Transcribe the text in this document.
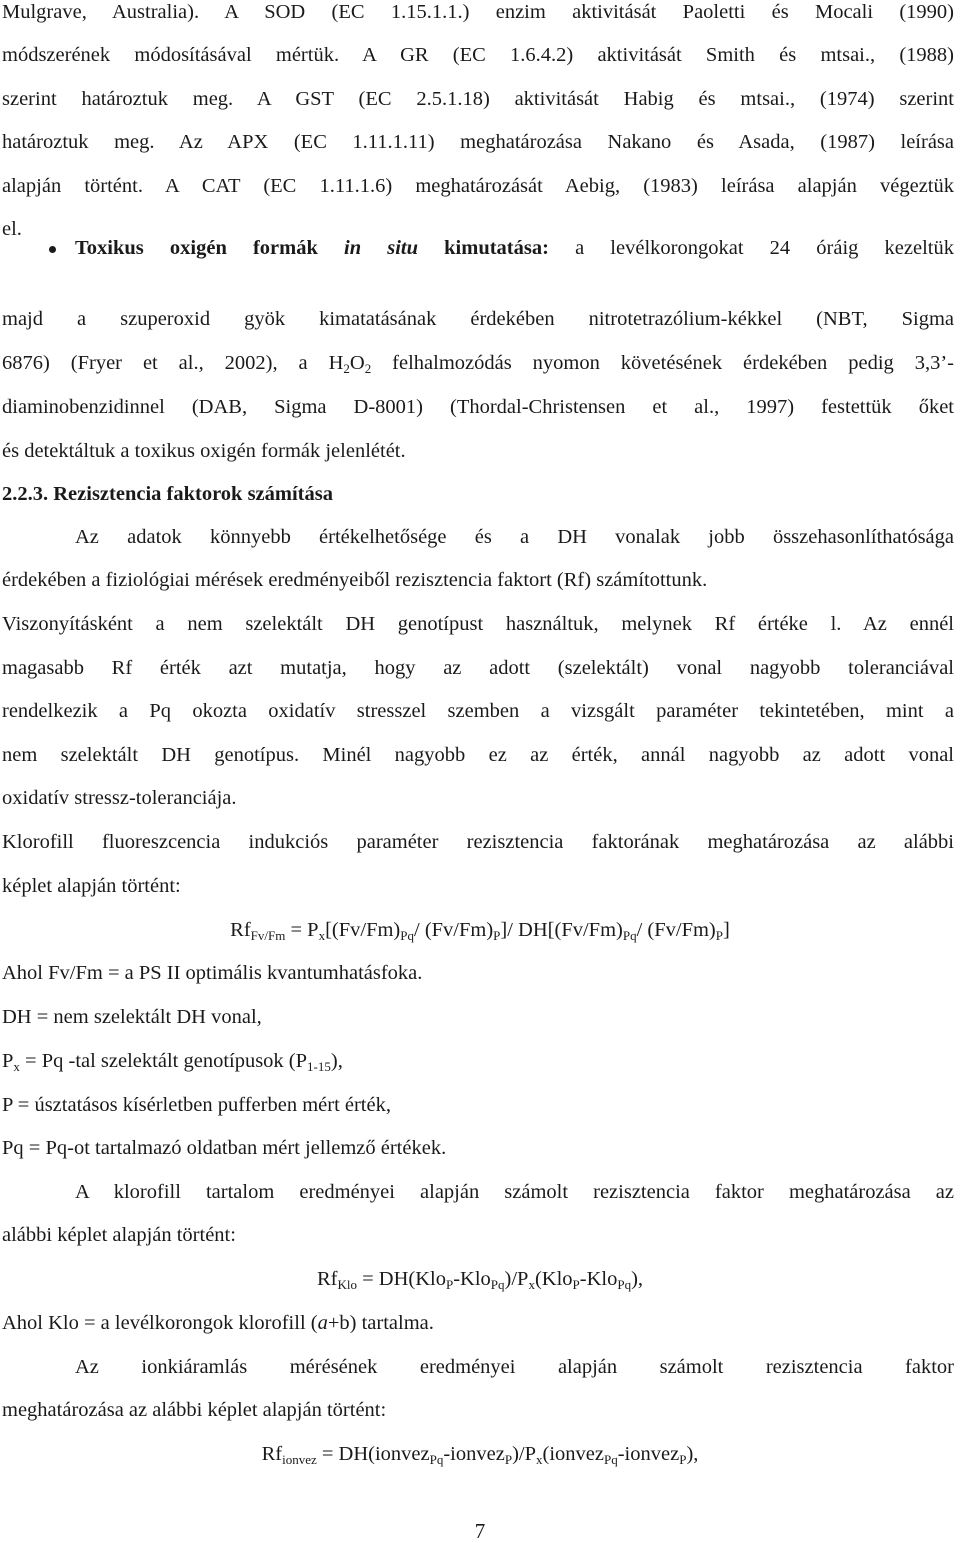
Mulgrave, Australia). A SOD (EC 1.15.1.1.) enzim aktivitását Paoletti és Mocali (1990)
módszerének módosításával mértük. A GR (EC 1.6.4.2) aktivitását Smith és mtsai., (1988)
szerint határoztuk meg. A GST (EC 2.5.1.18) aktivitását Habig és mtsai., (1974) szerint
határoztuk meg. Az APX (EC 1.11.1.11) meghatározása Nakano és Asada, (1987) leírása
alapján történt. A CAT (EC 1.11.1.6) meghatározását Aebig, (1983) leírása alapján végeztük
el.
Toxikus oxigén formák in situ kimutatása: a levélkorongokat 24 óráig kezeltük
majd a szuperoxid gyök kimatatásának érdekében nitrotetrazólium-kékkel (NBT, Sigma
6876) (Fryer et al., 2002), a $H_2O_2$ felhalmozódás nyomon követésének érdekében pedig 3,3’-
diaminobenzidinnel (DAB, Sigma D-8001) (Thordal-Christensen et al., 1997) festettük őket
és detektáltuk a toxikus oxigén formák jelenlétét.
2.2.3. Rezisztencia faktorok számítása
Az adatok könnyebb értékelhetősége és a DH vonalak jobb összehasonlíthatósága
érdekében a fiziológiai mérések eredményeiből rezisztencia faktort (Rf) számítottunk.
Viszonyításként a nem szelektált DH genotípust használtuk, melynek Rf értéke l. Az ennél
magasabb Rf érték azt mutatja, hogy az adott (szelektált) vonal nagyobb toleranciával
rendelkezik a Pq okozta oxidatív stresszel szemben a vizsgált paraméter tekintetében, mint a
nem szelektált DH genotípus. Minél nagyobb ez az érték, annál nagyobb az adott vonal
oxidatív stressz-toleranciája.
Klorofill fluoreszcencia indukciós paraméter rezisztencia faktorának meghatározása az alábbi
képlet alapján történt:
$Rf_{Fv/Fm} = P_x[(Fv/Fm)_{Pq}/$ $(Fv/Fm)_P]/$ $DH[(Fv/Fm)_{Pq}/$ $(Fv/Fm)_P$]
Ahol Fv/Fm = a PS II optimális kvantumhatásfoka.
DH = nem szelektált DH vonal,
$P_x = Pq$ -tal szelektált genotípusok $(P_{1-15})$,
P = úsztatásos kísérletben pufferben mért érték,
Pq = Pq-ot tartalmazó oldatban mért jellemző értékek.
A klorofill tartalom eredményei alapján számolt rezisztencia faktor meghatározása az
alábbi képlet alapján történt:
$Rf_{Klo} = DH(Klo_P-Klo_{Pq})/P_x(Klo_P-Klo_{Pq})$,
Ahol Klo = a levélkorongok klorofill (a+b) tartalma.
Az ionkiáramlás mérésének eredményei alapján számolt rezisztencia faktor
meghatározása az alábbi képlet alapján történt:
$Rf_{ionvez}$ = $DH(ionvez_{Pq}-ionvez_P)/P_x(ionvez_{Pq}-ionvez_P)$,
7
